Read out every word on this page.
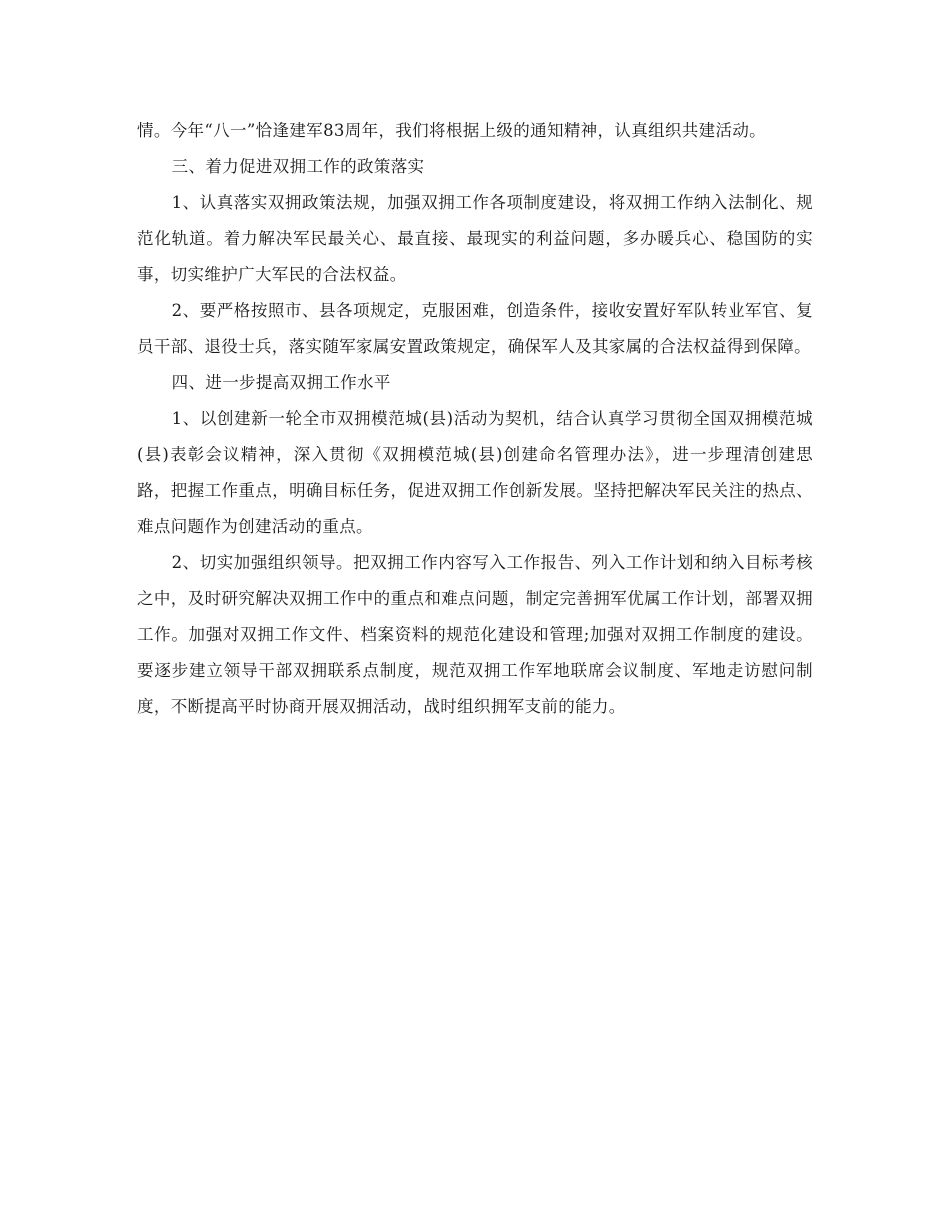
情。今年“八一”恰逢建军83周年，我们将根据上级的通知精神，认真组织共建活动。

三、着力促进双拥工作的政策落实

1、认真落实双拥政策法规，加强双拥工作各项制度建设，将双拥工作纳入法制化、规范化轨道。着力解决军民最关心、最直接、最现实的利益问题，多办暖兵心、稳国防的实事，切实维护广大军民的合法权益。

2、要严格按照市、县各项规定，克服困难，创造条件，接收安置好军队转业军官、复员干部、退役士兵，落实随军家属安置政策规定，确保军人及其家属的合法权益得到保障。

四、进一步提高双拥工作水平

1、以创建新一轮全市双拥模范城(县)活动为契机，结合认真学习贯彻全国双拥模范城(县)表彰会议精神，深入贯彻《双拥模范城(县)创建命名管理办法》，进一步理清创建思路，把握工作重点，明确目标任务，促进双拥工作创新发展。坚持把解决军民关注的热点、难点问题作为创建活动的重点。

2、切实加强组织领导。把双拥工作内容写入工作报告、列入工作计划和纳入目标考核之中，及时研究解决双拥工作中的重点和难点问题，制定完善拥军优属工作计划，部署双拥工作。加强对双拥工作文件、档案资料的规范化建设和管理;加强对双拥工作制度的建设。要逐步建立领导干部双拥联系点制度，规范双拥工作军地联席会议制度、军地走访慰问制度，不断提高平时协商开展双拥活动，战时组织拥军支前的能力。
